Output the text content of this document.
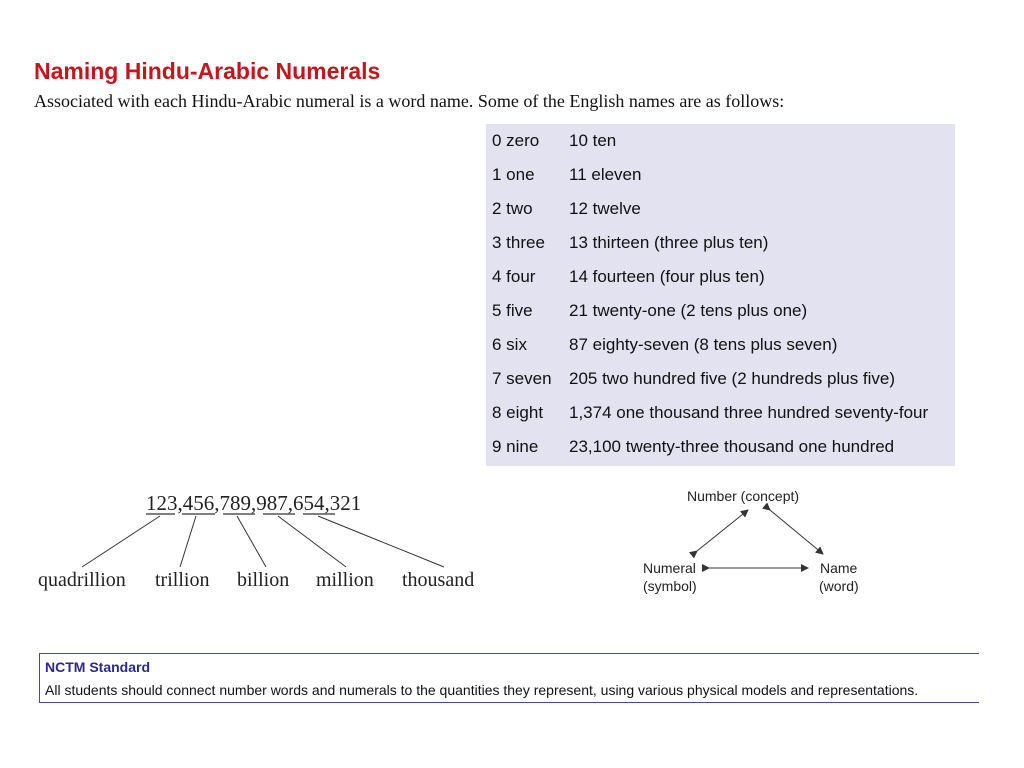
Naming Hindu-Arabic Numerals

Associated with each Hindu-Arabic numeral is a word name. Some of the English names are as follows:

0 zero 10 ten
1 one 11 eleven
2 two 12 twelve
3 three 13 thirteen (three plus ten)
4 four 14 fourteen (four plus ten)
5 five 21 twenty-one (2 tens plus one)
6 six 87 eighty-seven (8 tens plus seven)
7 seven 205 two hundred five (2 hundreds plus five)
8 eight 1,374 one thousand three hundred seventy-four
9 nine 23,100 twenty-three thousand one hundred
123,456,789,987,654,321
quadrillion trillion billion million thousand
Number (concept)
Numeral
(symbol)
Name
(word)

NCTM Standard

All students should connect number words and numerals to the quantities they represent, using various physical models and representations.
